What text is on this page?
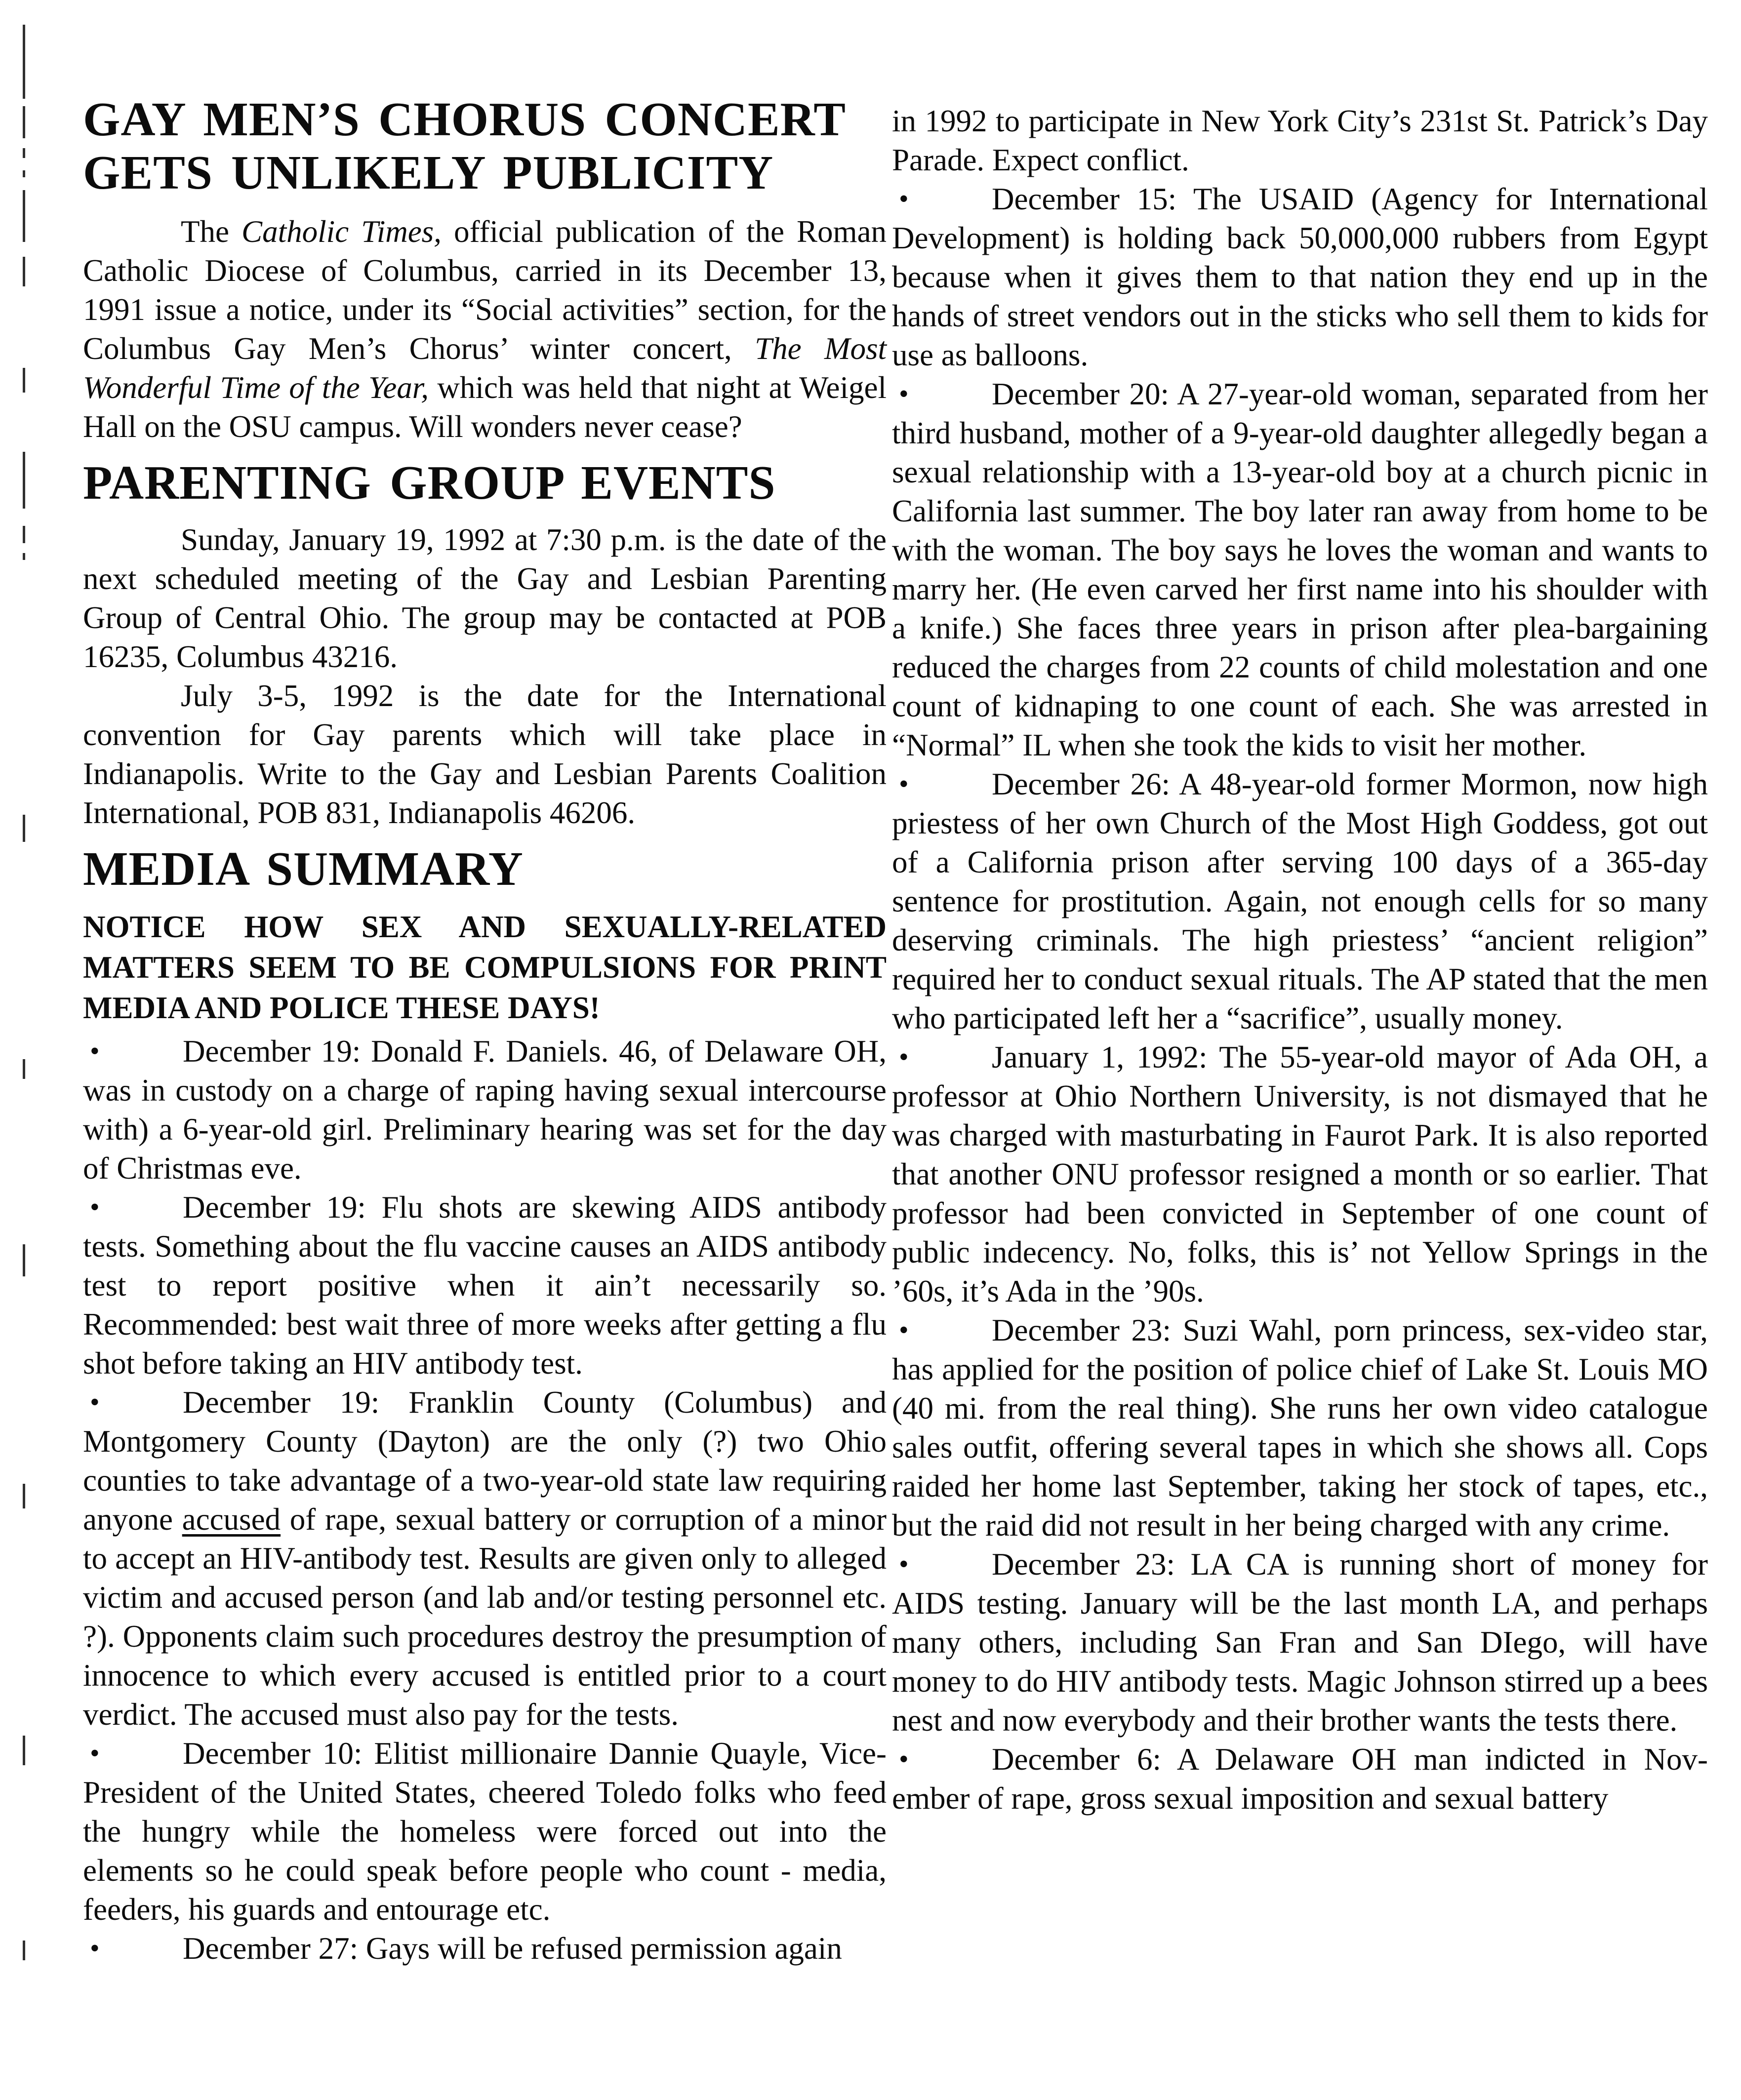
GAY MEN’S CHORUS CONCERT
GETS UNLIKELY PUBLICITY

The Catholic Times, official publication of the Roman Catholic Diocese of Columbus, carried in its December 13, 1991 issue a notice, under its “Social activities” section, for the Columbus Gay Men’s Chorus’ winter concert, The Most Wonderful Time of the Year, which was held that night at Weigel Hall on the OSU campus. Will wonders never cease?

PARENTING GROUP EVENTS

Sunday, January 19, 1992 at 7:30 p.m. is the date of the next scheduled meeting of the Gay and Lesbian Parenting Group of Central Ohio. The group may be contacted at POB 16235, Columbus 43216.

July 3-5, 1992 is the date for the International convention for Gay parents which will take place in Indianapolis. Write to the Gay and Lesbian Parents Coalition International, POB 831, Indianapolis 46206.

MEDIA SUMMARY

NOTICE HOW SEX AND SEXUALLY-RELATED MATTERS SEEM TO BE COMPULSIONS FOR PRINT MEDIA AND POLICE THESE DAYS!

•	December 19: Donald F. Daniels. 46, of Delaware OH, was in custody on a charge of raping having sexual intercourse with) a 6-year-old girl. Preliminary hearing was set for the day of Christmas eve.

•	December 19: Flu shots are skewing AIDS antibody tests. Something about the flu vaccine causes an AIDS antibody test to report positive when it ain’t necessarily so. Recommended: best wait three of more weeks after getting a flu shot before taking an HIV antibody test.

•	December 19: Franklin County (Columbus) and Montgomery County (Dayton) are the only (?) two Ohio counties to take advantage of a two-year-old state law requiring anyone accused of rape, sexual battery or corruption of a minor to accept an HIV-antibody test. Results are given only to alleged victim and accused person (and lab and/or testing personnel etc. ?). Opponents claim such procedures destroy the presumption of innocence to which every accused is entitled prior to a court verdict. The accused must also pay for the tests.

•	December 10: Elitist millionaire Dannie Quayle, Vice-President of the United States, cheered Toledo folks who feed the hungry while the homeless were forced out into the elements so he could speak before people who count - media, feeders, his guards and entourage etc.

•	December 27: Gays will be refused permission again

in 1992 to participate in New York City’s 231st St. Patrick’s Day Parade. Expect conflict.

•	December 15: The USAID (Agency for International Development) is holding back 50,000,000 rubbers from Egypt because when it gives them to that nation they end up in the hands of street vendors out in the sticks who sell them to kids for use as balloons.

•	December 20: A 27-year-old woman, separated from her third husband, mother of a 9-year-old daughter allegedly began a sexual relationship with a 13-year-old boy at a church picnic in California last summer. The boy later ran away from home to be with the woman. The boy says he loves the woman and wants to marry her. (He even carved her first name into his shoulder with a knife.) She faces three years in prison after plea-bargaining reduced the charges from 22 counts of child molestation and one count of kidnaping to one count of each. She was arrested in “Normal” IL when she took the kids to visit her mother.

•	December 26: A 48-year-old former Mormon, now high priestess of her own Church of the Most High Goddess, got out of a California prison after serving 100 days of a 365-day sentence for prostitution. Again, not enough cells for so many deserving criminals. The high priestess’ “ancient religion” required her to conduct sexual rituals. The AP stated that the men who participated left her a “sacrifice”, usually money.

•	January 1, 1992: The 55-year-old mayor of Ada OH, a professor at Ohio Northern University, is not dismayed that he was charged with masturbating in Faurot Park. It is also reported that another ONU professor resigned a month or so earlier. That professor had been convicted in September of one count of public indecency. No, folks, this is’ not Yellow Springs in the ’60s, it’s Ada in the ’90s.

•	December 23: Suzi Wahl, porn princess, sex-video star, has applied for the position of police chief of Lake St. Louis MO (40 mi. from the real thing). She runs her own video catalogue sales outfit, offering several tapes in which she shows all. Cops raided her home last September, taking her stock of tapes, etc., but the raid did not result in her being charged with any crime.

•	December 23: LA CA is running short of money for AIDS testing. January will be the last month LA, and perhaps many others, including San Fran and San DIego, will have money to do HIV antibody tests. Magic Johnson stirred up a bees nest and now everybody and their brother wants the tests there.

•	December 6: A Delaware OH man indicted in Nov-ember of rape, gross sexual imposition and sexual battery
